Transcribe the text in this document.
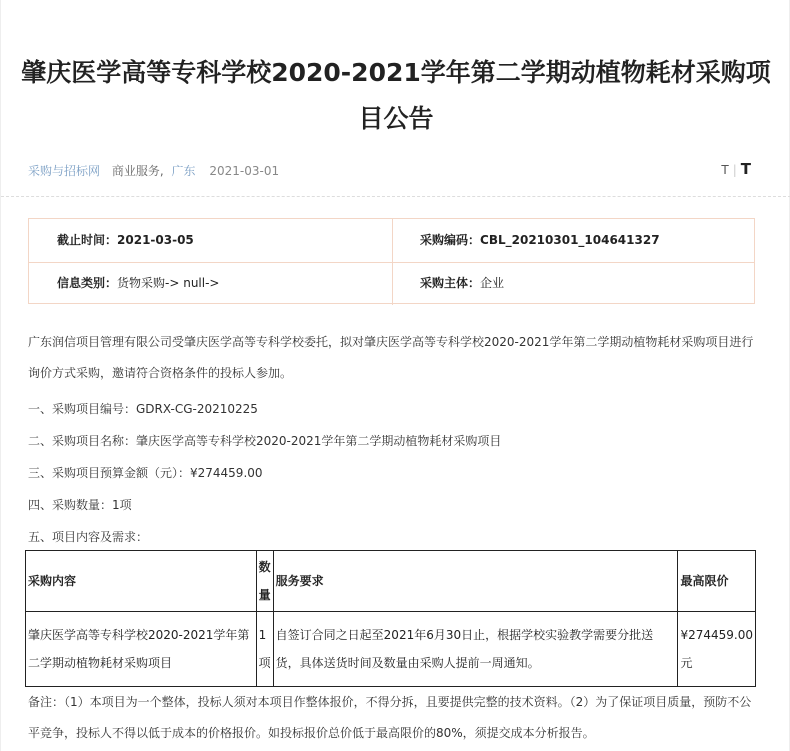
肇庆医学高等专科学校2020-2021学年第二学期动植物耗材采购项目公告
采购与招标网 商业服务, 广东 2021-03-01	T | T
截止时间：2021-03-05	采购编码：CBL_20210301_104641327
信息类别：货物采购-> null->	采购主体：企业
广东润信项目管理有限公司受肇庆医学高等专科学校委托，拟对肇庆医学高等专科学校2020-2021学年第二学期动植物耗材采购项目进行询价方式采购，邀请符合资格条件的投标人参加。
一、采购项目编号：GDRX-CG-20210225
二、采购项目名称：肇庆医学高等专科学校2020-2021学年第二学期动植物耗材采购项目
三、采购项目预算金额（元）：¥274459.00
四、采购数量：1项
五、项目内容及需求：
采购内容	数量	服务要求	最高限价
肇庆医学高等专科学校2020-2021学年第二学期动植物耗材采购项目	1项	自签订合同之日起至2021年6月30日止，根据学校实验教学需要分批送货，具体送货时间及数量由采购人提前一周通知。	¥274459.00元
备注：（1）本项目为一个整体，投标人须对本项目作整体报价，不得分拆，且要提供完整的技术资料。（2）为了保证项目质量，预防不公平竞争，投标人不得以低于成本的价格报价。如投标报价总价低于最高限价的80%，须提交成本分析报告。
